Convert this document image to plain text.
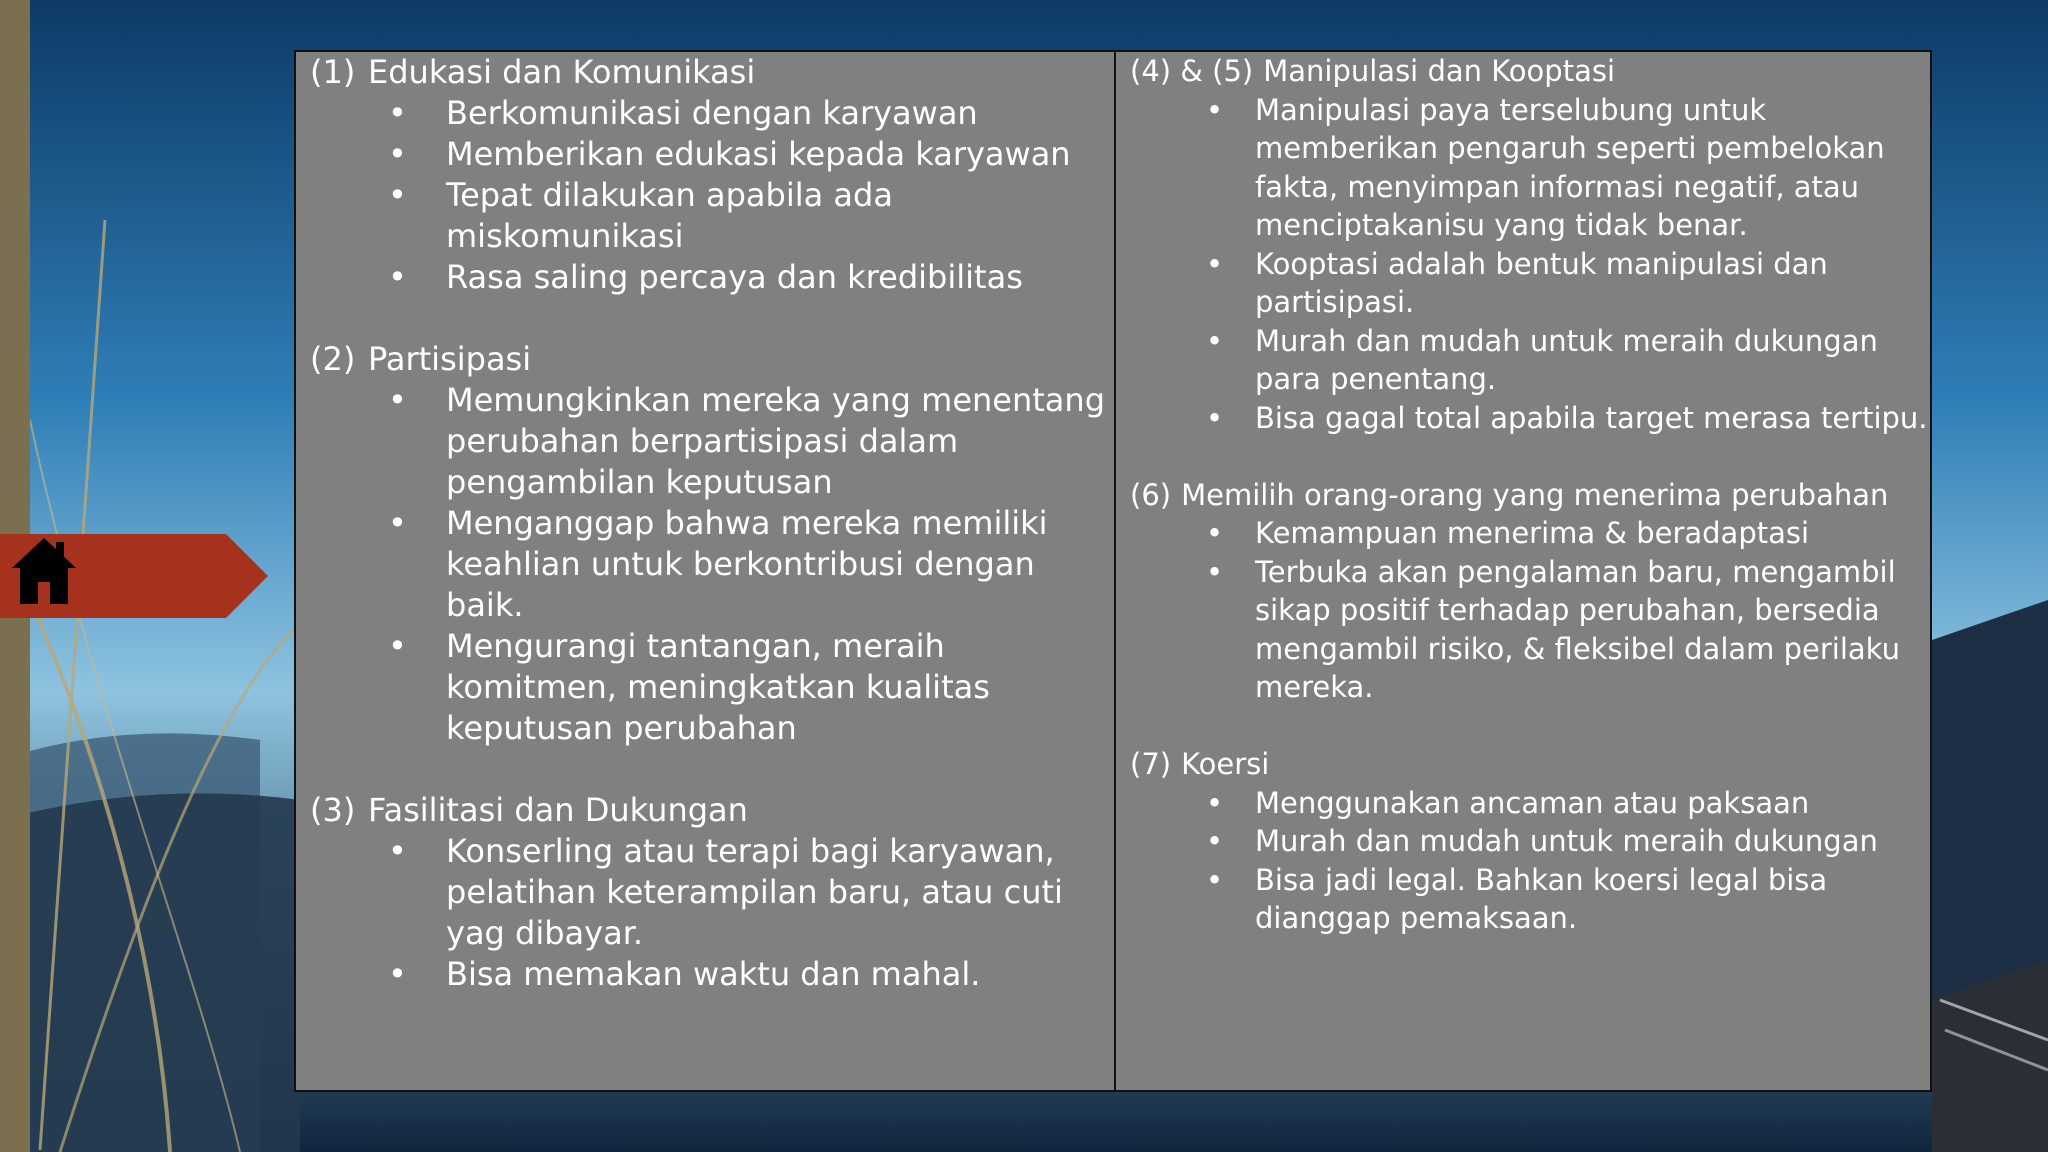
(1) Edukasi dan Komunikasi
• Berkomunikasi dengan karyawan
• Memberikan edukasi kepada karyawan
• Tepat dilakukan apabila ada miskomunikasi
• Rasa saling percaya dan kredibilitas
(2) Partisipasi
• Memungkinkan mereka yang menentang perubahan berpartisipasi dalam pengambilan keputusan
• Menganggap bahwa mereka memiliki keahlian untuk berkontribusi dengan baik.
• Mengurangi tantangan, meraih komitmen, meningkatkan kualitas keputusan perubahan
(3) Fasilitasi dan Dukungan
• Konserling atau terapi bagi karyawan, pelatihan keterampilan baru, atau cuti yag dibayar.
• Bisa memakan waktu dan mahal.
(4) & (5) Manipulasi dan Kooptasi
• Manipulasi paya terselubung untuk memberikan pengaruh seperti pembelokan fakta, menyimpan informasi negatif, atau menciptakanisu yang tidak benar.
• Kooptasi adalah bentuk manipulasi dan partisipasi.
• Murah dan mudah untuk meraih dukungan para penentang.
• Bisa gagal total apabila target merasa tertipu.
(6) Memilih orang-orang yang menerima perubahan
• Kemampuan menerima & beradaptasi
• Terbuka akan pengalaman baru, mengambil sikap positif terhadap perubahan, bersedia mengambil risiko, & fleksibel dalam perilaku mereka.
(7) Koersi
• Menggunakan ancaman atau paksaan
• Murah dan mudah untuk meraih dukungan
• Bisa jadi legal. Bahkan koersi legal bisa dianggap pemaksaan.
